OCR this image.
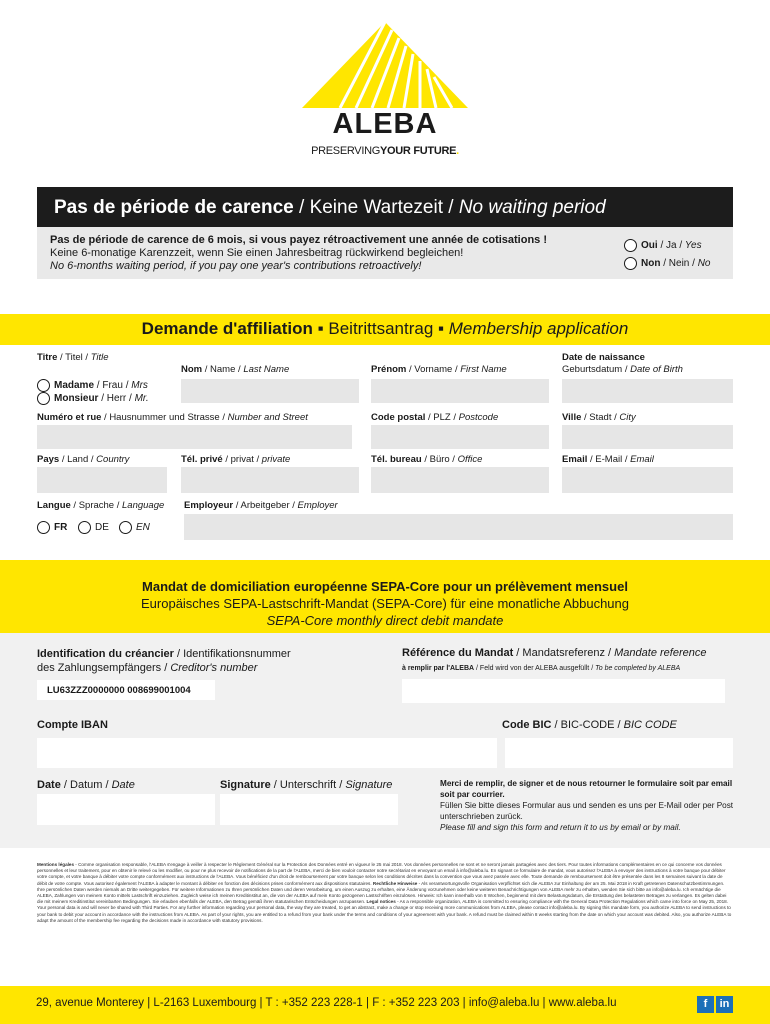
ALEBA
PRESERVINGYOUR FUTURE.
Pas de période de carence / Keine Wartezeit / No waiting period
Pas de période de carence de 6 mois, si vous payez rétroactivement une année de cotisations !
Keine 6-monatige Karenzzeit, wenn Sie einen Jahresbeitrag rückwirkend begleichen!
No 6-months waiting period, if you pay one year's contributions retroactively!
Oui / Ja / Yes
Non / Nein / No
Demande d'affiliation ▪ Beitrittsantrag ▪ Membership application
Titre / Titel / Title
Nom / Name / Last Name	Prénom / Vorname / First Name
Date de naissance
Geburtsdatum / Date of Birth
Madame / Frau / Mrs
Monsieur / Herr / Mr.
Numéro et rue / Hausnummer und Strasse / Number and Street	Code postal / PLZ / Postcode	Ville / Stadt / City
Pays / Land / Country	Tél. privé / privat / private	Tél. bureau / Büro / Office	Email / E-Mail / Email
Langue / Sprache / Language Employeur / Arbeitgeber / Employer
FR	DE	EN
Mandat de domiciliation européenne SEPA-Core pour un prélèvement mensuel
Europäisches SEPA-Lastschrift-Mandat (SEPA-Core) für eine monatliche Abbuchung
SEPA-Core monthly direct debit mandate
Identification du créancier / Identifikationsnummer
des Zahlungsempfängers / Creditor's number
LU63ZZZ0000000 008699001004
Référence du Mandat / Mandatsreferenz / Mandate reference
à remplir par l'ALEBA / Feld wird von der ALEBA ausgefüllt / To be completed by ALEBA
Compte IBAN	Code BIC / BIC-CODE / BIC CODE
Date / Datum / Date	Signature / Unterschrift / Signature	Merci de remplir, de signer et de nous retourner le formulaire soit par email soit par courrier.
Füllen Sie bitte dieses Formular aus und senden es uns per E-Mail oder per Post unterschrieben zurück.
Please fill and sign this form and return it to us by email or by mail.
Mentions légales - Comme organisation responsable, l'ALEBA s'engage à veiller à respecter le Règlement Général sur la Protection des Données entré en vigueur le 25 mai 2018. Vos données personnelles ne sont et ne seront jamais partagées avec des tiers. Pour toutes informations complémentaires en ce qui concerne vos données personnelles et leur traitement, pour en obtenir le relevé ou les modifier, ou pour ne plus recevoir de notifications de la part de l'ALEBA, merci de bien vouloir contacter notre secrétariat en envoyant un email à info@aleba.lu. En signant ce formulaire de mandat, vous autorisez l'ALEBA à envoyer des instructions à votre banque pour débiter votre compte, et votre banque à débiter votre compte conformément aux instructions de l'ALEBA. Vous bénéficiez d'un droit de remboursement par votre banque selon les conditions décrites dans la convention que vous avez passée avec elle. Toute demande de remboursement doit être présentée dans les 8 semaines suivant la date de débit de votre compte. Vous autorisez également l'ALEBA à adapter le montant à débiter en fonction des décisions prises conformément aux dispositions statutaires. Rechtliche Hinweise - Als verantwortungsvolle Organisation verpflichtet sich die ALEBA zur Einhaltung der am 25. Mai 2018 in Kraft getretenen Datenschutzbestimmungen. Ihre persönlichen Daten werden niemals an Dritte weitergegeben. Für weitere Informationen zu Ihren persönlichen Daten und deren Verarbeitung, um einen Auszug zu erhalten, eine Änderung vorzunehmen oder keine weiteren Benachrichtigungen von ALEBA mehr zu erhalten, wenden Sie sich bitte an info@aleba.lu. Ich ermächtige die ALEBA, Zahlungen von meinem Konto mittels Lastschrift einzuziehen. Zugleich weise ich meinen Kreditinstitut an, die von der ALEBA auf mein Konto gezogenen Lastschriften einzulösen. Hinweis: Ich kann innerhalb von 8 Wochen, beginnend mit dem Belastungsdatum, die Erstattung des belasteten Betrages zu verlangen. Es gelten dabei die mit meinem Kreditinstitut vereinbarten Bedingungen. Sie erlauben ebenfalls der ALEBA, den Betrag gemäß ihren statutarischen Entscheidungen anzupassen. Legal notices - As a responsible organization, ALEBA is committed to ensuring compliance with the General Data Protection Regulations which came into force on May 25, 2018. Your personal data is and will never be shared with Third Parties. For any further information regarding your personal data, the way they are treated, to get an abstract, make a change or stop receiving more communications from ALEBA, please contact info@aleba.lu. By signing this mandate form, you authorize ALEBA to send instructions to your bank to debit your account in accordance with the instructions from ALEBA. As part of your rights, you are entitled to a refund from your bank under the terms and conditions of your agreement with your bank. A refund must be claimed within 8 weeks starting from the date on which your account was debited. Also, you authorize ALEBA to adapt the amount of the membership fee regarding the decisions made in accordance with statutory provisions.
29, avenue Monterey | L-2163 Luxembourg | T : +352 223 228-1 | F : +352 223 203 | info@aleba.lu | www.aleba.lu	f	in
